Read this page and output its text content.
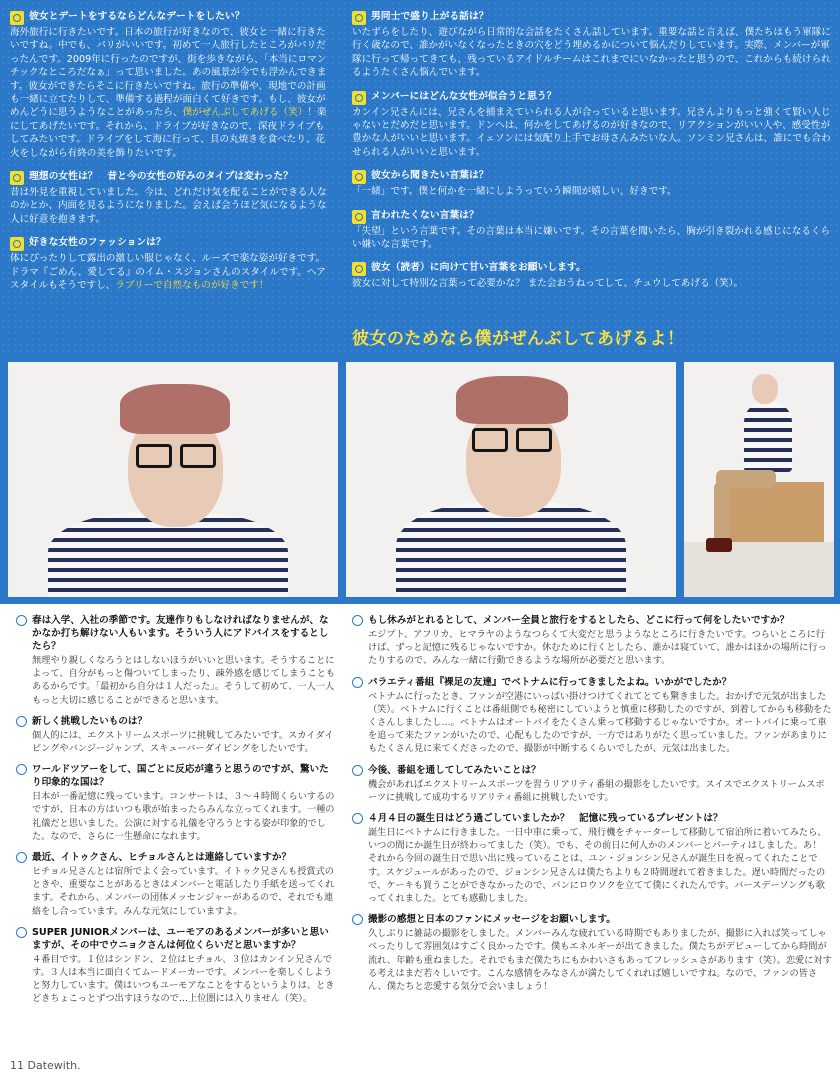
彼女とデートをするならどんなデートをしたい？
海外旅行に行きたいです。日本の旅行が好きなので、彼女と一緒に行きたいですね。中でも、パリがいいです。初めて一人旅行したところがパリだったんです。2009年に行ったのですが、街を歩きながら、「本当にロマンチックなところだなぁ」って思いました。あの風景が今でも浮かんできます。彼女ができたらそこに行きたいですね。旅行の準備や、現地での計画も一緒に立てたりして、準備する過程が面白くて好きです。もし、彼女がめんどうに思うようなことがあったら、僕がぜんぶしてあげる（笑）！楽にしてあげたいです。それから、ドライブが好きなので、深夜ドライブもしてみたいです。ドライブをして海に行って、貝の丸焼きを食べたり、花火をしながら有終の美を飾りたいです。
理想の女性は？　昔と今の女性の好みのタイプは変わった？
昔は外見を重視していました。今は、どれだけ気を配ることができる人なのかとか、内面を見るようになりました。会えば会うほど気になるような人に好意を抱きます。
好きな女性のファッションは？
体にぴったりして露出の激しい服じゃなく、ルーズで楽な姿が好きです。ドラマ『ごめん、愛してる』のイム・スジョンさんのスタイルです。ヘアスタイルもそうですし、ラブリーで自然なものが好きです！
男同士で盛り上がる話は？
いたずらをしたり、遊びながら日常的な会話をたくさん話しています。重要な話と言えば、僕たちはもう軍隊に行く歳なので、誰かがいなくなったときの穴をどう埋めるかについて悩んだりしています。実際、メンバーが軍隊に行って帰ってきても、残っているアイドルチームはこれまでにいなかったと思うので、これからも続けられるようたくさん悩んでいます。
メンバーにはどんな女性が似合うと思う？
カンイン兄さんには、兄さんを捕まえていられる人が合っていると思います。兄さんよりもっと強くて賢い人じゃないとだめだと思います。ドンヘは、何かをしてあげるのが好きなので、リアクションがいい人や、感受性が豊かな人がいいと思います。イェソンには気配り上手でお母さんみたいな人。ソンミン兄さんは、誰にでも合わせられる人がいいと思います。
彼女から聞きたい言葉は？
「一緒」です。僕と何かを一緒にしようっていう瞬間が嬉しい、好きです。
言われたくない言葉は？
「失望」という言葉です。その言葉は本当に嫌いです。その言葉を聞いたら、胸が引き裂かれる感じになるくらい嫌いな言葉です。
彼女（読者）に向けて甘い言葉をお願いします。
彼女に対して特別な言葉って必要かな？ また会おうねってして、チュウしてあげる（笑）。
彼女のためなら僕がぜんぶしてあげるよ！
春は入学、入社の季節です。友達作りもしなければなりませんが、なかなか打ち解けない人もいます。そういう人にアドバイスをするとしたら？
無理やり親しくなろうとはしないほうがいいと思います。そうすることによって、自分がもっと傷ついてしまったり、疎外感を感じてしまうこともあるからです。「最初から自分は１人だった」。そうして初めて、一人一人もっと大切に感じることができると思います。
新しく挑戦したいものは？
個人的には、エクストリームスポーツに挑戦してみたいです。スカイダイビングやバンジージャンプ、スキューバーダイビングをしたいです。
ワールドツアーをして、国ごとに反応が違うと思うのですが、驚いたり印象的な国は？
日本が一番記憶に残っています。コンサートは、３～４時間くらいするのですが、日本の方はいつも歌が始まったらみんな立ってくれます。一種の礼儀だと思いました。公演に対する礼儀を守ろうとする姿が印象的でした。なので、さらに一生懸命になれます。
最近、イトゥクさん、ヒチョルさんとは連絡していますか？
ヒチョル兄さんとは宿所でよく会っています。イトゥク兄さんも授賞式のときや、重要なことがあるときはメンバーと電話したり手紙を送ってくれます。それから、メンバーの団体メッセンジャーがあるので、それでも連絡をし合っています。みんな元気にしていますよ。
SUPER JUNIORメンバーは、ユーモアのあるメンバーが多いと思いますが、その中でウニョクさんは何位くらいだと思いますか？
４番目です。１位はシンドン、２位はヒチョル、３位はカンイン兄さんです。３人は本当に面白くてムードメーカーです。メンバーを楽しくしようと努力しています。僕はいつもユーモアなことをするというよりは、ときどきちょこっとずつ出すほうなので…上位圏には入りません（笑）。
もし休みがとれるとして、メンバー全員と旅行をするとしたら、どこに行って何をしたいですか？
エジプト、アフリカ、ヒマラヤのようなつらくて大変だと思うようなところに行きたいです。つらいところに行けば、ずっと記憶に残るじゃないですか。休むために行くとしたら、誰かは寝ていて、誰かはほかの場所に行ったりするので、みんな一緒に行動できるような場所が必要だと思います。
バラエティ番組『裸足の友達』でベトナムに行ってきましたよね。いかがでしたか？
ベトナムに行ったとき、ファンが空港にいっぱい掛けつけてくれてとても驚きました。おかげで元気が出ました（笑）。ベトナムに行くことは番組側でも秘密にしていようと慎重に移動したのですが、到着してからも移動をたくさんしましたし…。ベトナムはオートバイをたくさん乗って移動するじゃないですか。オートバイに乗って車を追って来たファンがいたので、心配もしたのですが、一方ではありがたく思っていました。ファンがあまりにもたくさん見に来てくださったので、撮影が中断するくらいでしたが、元気は出ました。
今後、番組を通してしてみたいことは？
機会があればエクストリームスポーツを習うリアリティ番組の撮影をしたいです。スイスでエクストリームスポーツに挑戦して成功するリアリティ番組に挑戦したいです。
４月４日の誕生日はどう過ごしていましたか？　記憶に残っているプレゼントは？
誕生日にベトナムに行きました。一日中車に乗って、飛行機をチャーターして移動して宿泊所に着いてみたら、いつの間にか誕生日が終わってました（笑）。でも、その前日に何人かのメンバーとパーティはしました。あ！ それから今回の誕生日で思い出に残っていることは、ユン・ジョンシン兄さんが誕生日を祝ってくれたことです。スケジュールがあったので、ジョンシン兄さんは僕たちよりも２時間遅れて着きました。遅い時間だったので、ケーキも買うことができなかったので、パンにロウソクを立てて僕にくれたんです。バースデーソングも歌ってくれました。とても感動しました。
撮影の感想と日本のファンにメッセージをお願いします。
久しぶりに雑誌の撮影をしました。メンバーみんな疲れている時期でもありましたが、撮影に入れば笑ってしゃべったりして雰囲気はすごく良かったです。僕もエネルギーが出てきました。僕たちがデビューしてから時間が流れ、年齢も重ねました。それでもまだ僕たちにもかわいさもあってフレッシュさがあります（笑）。恋愛に対する考えはまだ若々しいです。こんな感情をみなさんが満たしてくれれば嬉しいですね。なので、ファンの皆さん、僕たちと恋愛する気分で会いましょう！
11 Datewith.
